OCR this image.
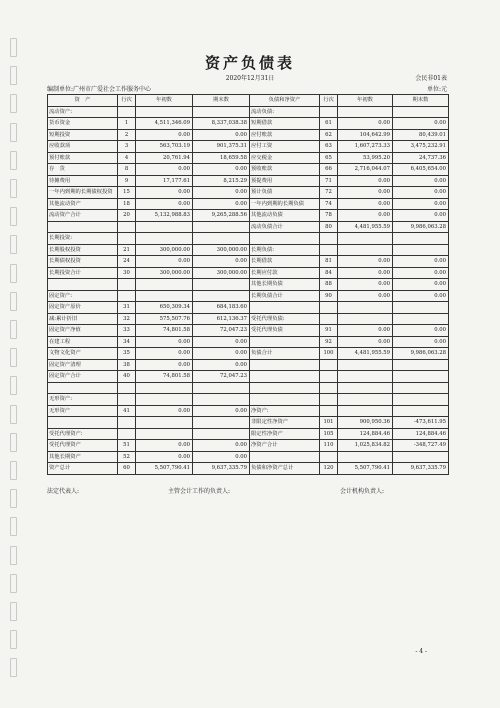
资产负债表
2020年12月31日	会民非01表
编制单位:广州市广爱社会工作服务中心	单位:元
资　产	行次	年初数	期末数	负债和净资产	行次	年初数	期末数
流动资产:				流动负债:			
货币资金	1	4,511,346.09	8,337,038.38	短期借款	61	0.00	0.00
短期投资	2	0.00	0.00	应付账款	62	104,642.99	80,439.01
应收款项	3	563,703.19	901,375.31	应付工资	63	1,607,273.33	3,475,232.91
预付账款	4	20,761.94	18,659.58	应交税金	65	53,995.20	24,737.36
存　货	8	0.00	0.00	预收账款	66	2,716,044.07	6,405,654.00
待摊费用	9	17,177.61	8,215.29	预提费用	71	0.00	0.00
一年内到期的长期债权投资	15	0.00	0.00	预计负债	72	0.00	0.00
其他流动资产	18	0.00	0.00	一年内到期的长期负债	74	0.00	0.00
流动资产合计	20	5,132,988.83	9,265,288.56	其他流动负债	78	0.00	0.00
				流动负债合计	80	4,481,955.59	9,986,063.28
长期投资:							
长期股权投资	21	300,000.00	300,000.00	长期负债:			
长期债权投资	24	0.00	0.00	长期借款	81	0.00	0.00
长期投资合计	30	300,000.00	300,000.00	长期应付款	84	0.00	0.00
				其他长期负债	88	0.00	0.00
固定资产:				长期负债合计	90	0.00	0.00
固定资产原价	31	650,309.34	684,183.60				
减:累计折旧	32	575,507.76	612,136.37	受托代理负债:			
固定资产净值	33	74,801.58	72,047.23	受托代理负债	91	0.00	0.00
在建工程	34	0.00	0.00		92	0.00	0.00
文物文化资产	35	0.00	0.00	负债合计	100	4,481,955.59	9,986,063.28
固定资产清理	38	0.00	0.00				
固定资产合计	40	74,801.58	72,047.23				

无形资产:							
无形资产	41	0.00	0.00	净资产:			
				非限定性净资产	101	900,950.36	-473,611.95
受托代理资产:				限定性净资产	105	124,884.46	124,884.46
受托代理资产	51	0.00	0.00	净资产合计	110	1,025,834.82	-348,727.49
其他长期资产	52	0.00	0.00				
资产总计	60	5,507,790.41	9,637,335.79	负债和净资产总计	120	5,507,790.41	9,637,335.79
法定代表人:	主管会计工作的负责人:	会计机构负责人:
- 4 -
